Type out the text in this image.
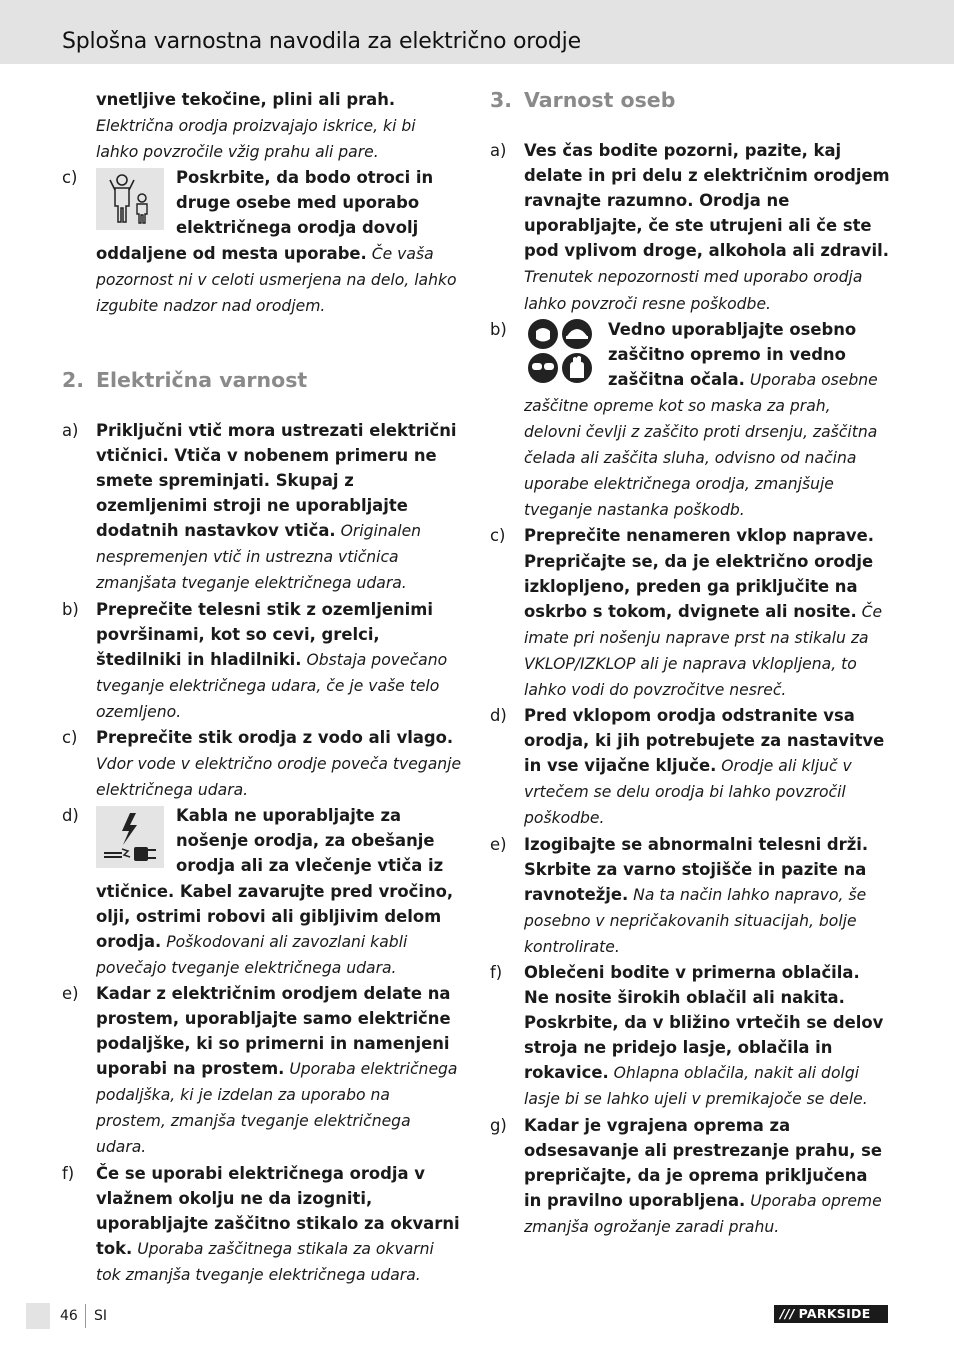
Splošna varnostna navodila za električno orodje
vnetljive tekočine, plini ali prah. Električna orodja proizvajajo iskrice, ki bi lahko povzročile vžig prahu ali pare.
c)	Poskrbite, da bodo otroci in druge osebe med uporabo električnega orodja dovolj oddaljene od mesta uporabe. Če vaša pozornost ni v celoti usmerjena na delo, lahko izgubite nadzor nad orodjem.
2. Električna varnost
a) Priključni vtič mora ustrezati električni vtičnici. Vtiča v nobenem primeru ne smete spreminjati. Skupaj z ozemljenimi stroji ne uporabljajte dodatnih nastavkov vtiča. Originalen nespremenjen vtič in ustrezna vtičnica zmanjšata tveganje električnega udara.
b) Preprečite telesni stik z ozemljenimi površinami, kot so cevi, grelci, štedilniki in hladilniki. Obstaja povečano tveganje električnega udara, če je vaše telo ozemljeno.
c) Preprečite stik orodja z vodo ali vlago. Vdor vode v električno orodje poveča tveganje električnega udara.
d)	Kabla ne uporabljajte za nošenje orodja, za obešanje orodja ali za vlečenje vtiča iz vtičnice. Kabel zavarujte pred vročino, olji, ostrimi robovi ali gibljivim delom orodja. Poškodovani ali zavozlani kabli povečajo tveganje električnega udara.
e) Kadar z električnim orodjem delate na prostem, uporabljajte samo električne podaljške, ki so primerni in namenjeni uporabi na prostem. Uporaba električnega podaljška, ki je izdelan za uporabo na prostem, zmanjša tveganje električnega udara.
f) Če se uporabi električnega orodja v vlažnem okolju ne da izogniti, uporabljajte zaščitno stikalo za okvarni tok. Uporaba zaščitnega stikala za okvarni tok zmanjša tveganje električnega udara.
3. Varnost oseb
a) Ves čas bodite pozorni, pazite, kaj delate in pri delu z električnim orodjem ravnajte razumno. Orodja ne uporabljajte, če ste utrujeni ali če ste pod vplivom droge, alkohola ali zdravil. Trenutek nepozornosti med uporabo orodja lahko povzroči resne poškodbe.
b)	Vedno uporabljajte osebno zaščitno opremo in vedno zaščitna očala. Uporaba osebne zaščitne opreme kot so maska za prah, delovni čevlji z zaščito proti drsenju, zaščitna čelada ali zaščita sluha, odvisno od načina uporabe električnega orodja, zmanjšuje tveganje nastanka poškodb.
c) Preprečite nenameren vklop naprave. Prepričajte se, da je električno orodje izklopljeno, preden ga priključite na oskrbo s tokom, dvignete ali nosite. Če imate pri nošenju naprave prst na stikalu za VKLOP/IZKLOP ali je naprava vklopljena, to lahko vodi do povzročitve nesreč.
d) Pred vklopom orodja odstranite vsa orodja, ki jih potrebujete za nastavitve in vse vijačne ključe. Orodje ali ključ v vrtečem se delu orodja bi lahko povzročil poškodbe.
e) Izogibajte se abnormalni telesni drži. Skrbite za varno stojišče in pazite na ravnotežje. Na ta način lahko napravo, še posebno v nepričakovanih situacijah, bolje kontrolirate.
f) Oblečeni bodite v primerna oblačila. Ne nosite širokih oblačil ali nakita. Poskrbite, da v bližino vrtečih se delov stroja ne pridejo lasje, oblačila in rokavice. Ohlapna oblačila, nakit ali dolgi lasje bi se lahko ujeli v premikajoče se dele.
g) Kadar je vgrajena oprema za odsesavanje ali prestrezanje prahu, se prepričajte, da je oprema priključena in pravilno uporabljena. Uporaba opreme zmanjša ogrožanje zaradi prahu.
46 SI	/// PARKSIDE
